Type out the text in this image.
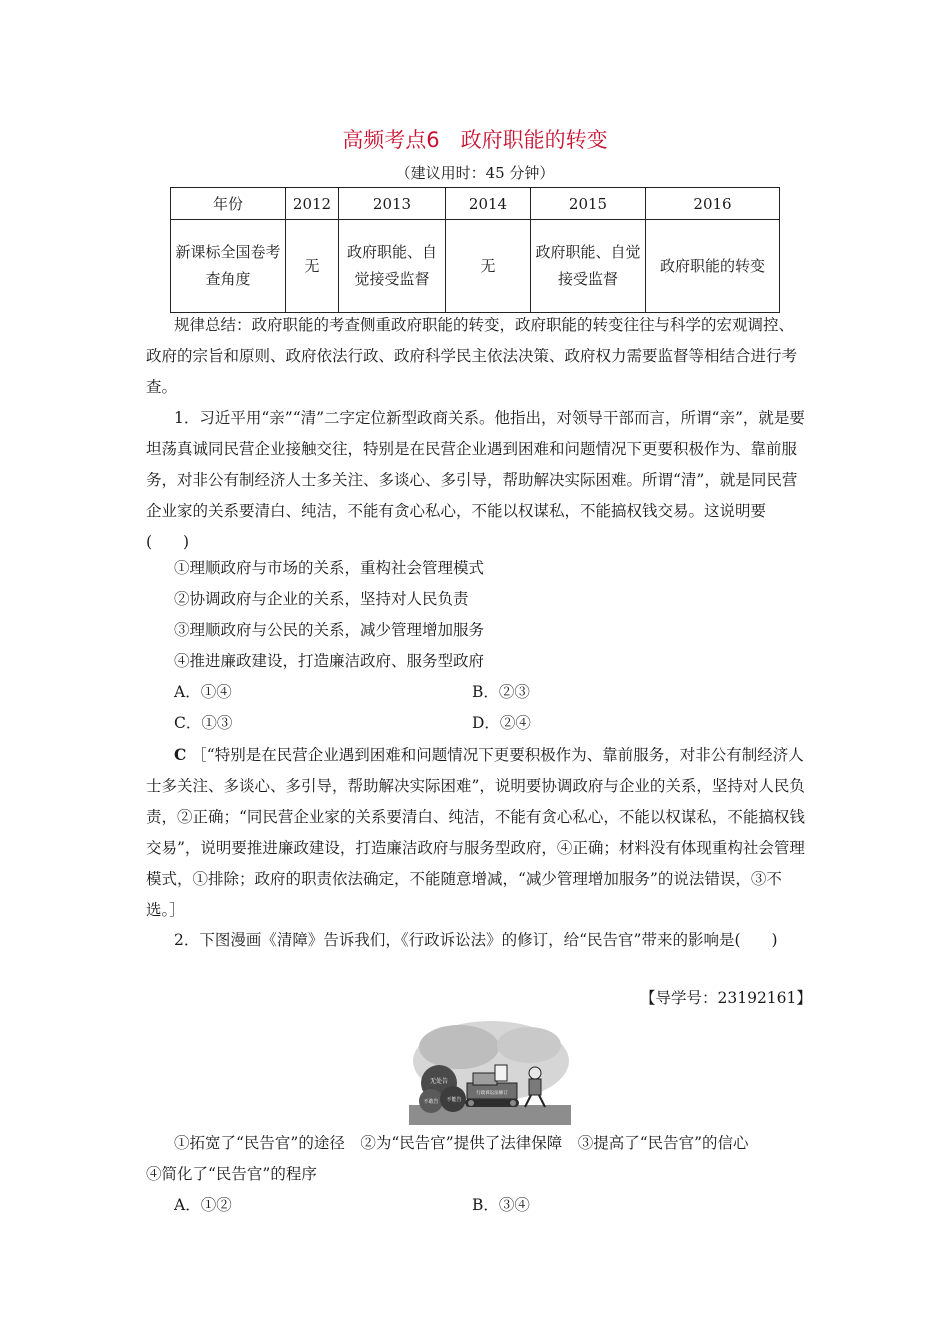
高频考点6　政府职能的转变
（建议用时：45 分钟）
年份	2012	2013	2014	2015	2016
新课标全国卷考查角度	无	政府职能、自觉接受监督	无	政府职能、自觉接受监督	政府职能的转变
规律总结：政府职能的考查侧重政府职能的转变，政府职能的转变往往与科学的宏观调控、政府的宗旨和原则、政府依法行政、政府科学民主依法决策、政府权力需要监督等相结合进行考查。
1．习近平用“亲”“清”二字定位新型政商关系。他指出，对领导干部而言，所谓“亲”，就是要坦荡真诚同民营企业接触交往，特别是在民营企业遇到困难和问题情况下更要积极作为、靠前服务，对非公有制经济人士多关注、多谈心、多引导，帮助解决实际困难。所谓“清”，就是同民营企业家的关系要清白、纯洁，不能有贪心私心，不能以权谋私，不能搞权钱交易。这说明要(　　)
①理顺政府与市场的关系，重构社会管理模式
②协调政府与企业的关系，坚持对人民负责
③理顺政府与公民的关系，减少管理增加服务
④推进廉政建设，打造廉洁政府、服务型政府
A．①④	B．②③
C．①③	D．②④
C ［“特别是在民营企业遇到困难和问题情况下更要积极作为、靠前服务，对非公有制经济人士多关注、多谈心、多引导，帮助解决实际困难”，说明要协调政府与企业的关系，坚持对人民负责，②正确；“同民营企业家的关系要清白、纯洁，不能有贪心私心，不能以权谋私，不能搞权钱交易”，说明要推进廉政建设，打造廉洁政府与服务型政府，④正确；材料没有体现重构社会管理模式，①排除；政府的职责依法确定，不能随意增减，“减少管理增加服务”的说法错误，③不选。］
2．下图漫画《清障》告诉我们，《行政诉讼法》的修订，给“民告官”带来的影响是(　　)
【导学号：23192161】
无处告
不敢告 不能告
行政诉讼法修订
①拓宽了“民告官”的途径　②为“民告官”提供了法律保障　③提高了“民告官”的信心
④简化了“民告官”的程序
A．①②	B．③④
